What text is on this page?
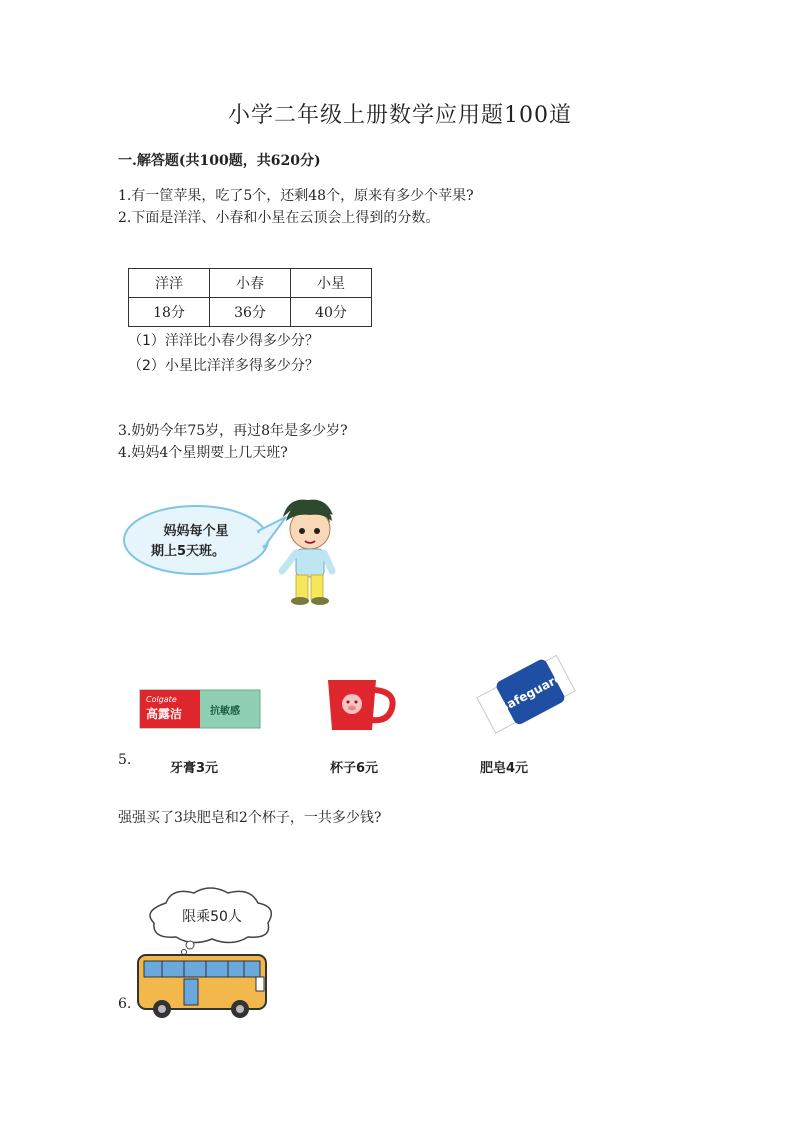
小学二年级上册数学应用题100道
一.解答题(共100题，共620分)
1.有一筐苹果，吃了5个，还剩48个，原来有多少个苹果?
2.下面是洋洋、小春和小星在云顶会上得到的分数。
洋洋	小春	小星
18分	36分	40分
（1）洋洋比小春少得多少分？
（2）小星比洋洋多得多少分？
3.奶奶今年75岁，再过8年是多少岁?
4.妈妈4个星期要上几天班?
妈妈每个星
期上5天班。
Colgate
高露洁	抗敏感	Safeguard
5.
牙膏3元	杯子6元	肥皂4元
强强买了3块肥皂和2个杯子，一共多少钱?
限乘50人
6.
